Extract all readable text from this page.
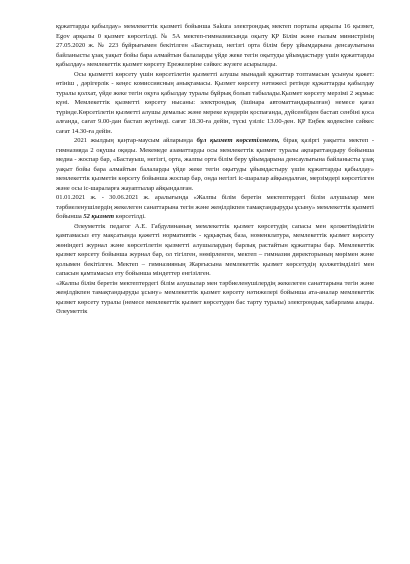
құжаттарды қабылдау» мемлекеттік қызметі бойынша Sakura электрондық мектеп порталы арқылы 16 қызмет, Egov арқылы 0 қызмет көрсетілді. № 5А мектеп-гимназиясында оқыту ҚР Білім және ғылым министрінің 27.05.2020 ж. № 223 бұйрығымен бекітілген «Бастауыш, негізгі орта білім беру ұйымдарына денсаулығына байланысты ұзақ уақыт бойы бара алмайтын балаларды үйде жеке тегін оқытуды ұйымдастыру үшін құжаттарды қабылдау» мемлекеттік қызмет көрсету Ережелеріне сәйкес жүзеге асырылады.

Осы қызметті көрсету үшін көрсетілетін қызметті алушы мынадай құжаттар топтамасын ұсынуы қажет: өтініш , дәрігерлік - кеңес комиссиясның анықтамасы. Қызмет көрсету нәтижесі ретінде құжаттарды қабылдау туралы қолхат, үйде жеке тегін оқуға қабылдау туралы бұйрық болып табылады.Қызмет көрсету мерзімі 2 жұмыс күні. Мемлекеттік қызметті көрсету нысаны: электрондық (ішінара автоматтандырылған) немесе қағаз түрінде.Көрсетілетін қызметті алушы демалыс және мереке күндерін қоспағанда, дүйсенбіден бастап сенбіні қоса алғанда, сағат 9.00-дан бастап жүгінеді. сағат 18.30-ға дейін, түскі үзіліс 13.00-ден. ҚР Еңбек кодексіне сәйкес сағат 14.30-ға дейін.

2021 жылдың қаңтар-маусым айларында бұл қызмет көрсетілмеген, бірақ қазіргі уақытта мектеп - гимназияда 2 оқушы оқиды. Мекемеде азаматтарды осы мемлекеттік қызмет туралы ақпараттандыру бойынша медиа - жоспар бар, «Бастауыш, негізгі, орта, жалпы орта білім беру ұйымдарына денсаулығына байланысты ұзақ уақыт бойы бара алмайтын балаларды үйде жеке тегін оқытуды ұйымдастыру үшін құжаттарды қабылдау» мемлекеттік қызметін көрсету бойынша жоспар бар, онда негізгі іс-шаралар айқындалған, мерзімдері көрсетілген және осы іс-шараларға жауаптылар айқындалған.

01.01.2021 ж. - 30.06.2021 ж. аралығында «Жалпы білім беретін мектептердегі білім алушылар мен тәрбиеленушілердің жекелеген санаттарына тегін және жеңілдікпен тамақтандыруды ұсыну» мемлекеттік қызметі бойынша 52 қызмет көрсетілді.

Әлеуметтік педагог А.Е. Габдулинаның мемлекеттік қызмет көрсетудің сапасы мен қолжетімділігін қамтамасыз ету мақсатында қажетті нормативтік - құқықтық база, номенклатура, мемлекеттік қызмет көрсету жөніндегі журнал және көрсетілетін қызметті алушылардың барлық растайтын құжаттары бар. Мемлекеттік қызмет көрсету бойынша журнал бар, ол тігілген, нөмірленген, мектеп – гимназия директорының мөрімен және қолымен бекітілген. Мектеп – гимназияның Жарғысына мемлекеттік қызмет көрсетудің қолжетімділігі мен сапасын қамтамасыз ету бойынша міндеттер енгізілген.

«Жалпы білім беретін мектептердегі білім алушылар мен тәрбиеленушілердің жекелеген санаттарына тегін және жеңілдікпен тамақтандыруды ұсыну» мемлекеттік қызмет көрсету нәтижелері бойынша ата-аналар мемлекеттік қызмет көрсету туралы (немесе мемлекеттік қызмет көрсетуден бас тарту туралы) электрондық хабарлама алады. Әлеуметтік
